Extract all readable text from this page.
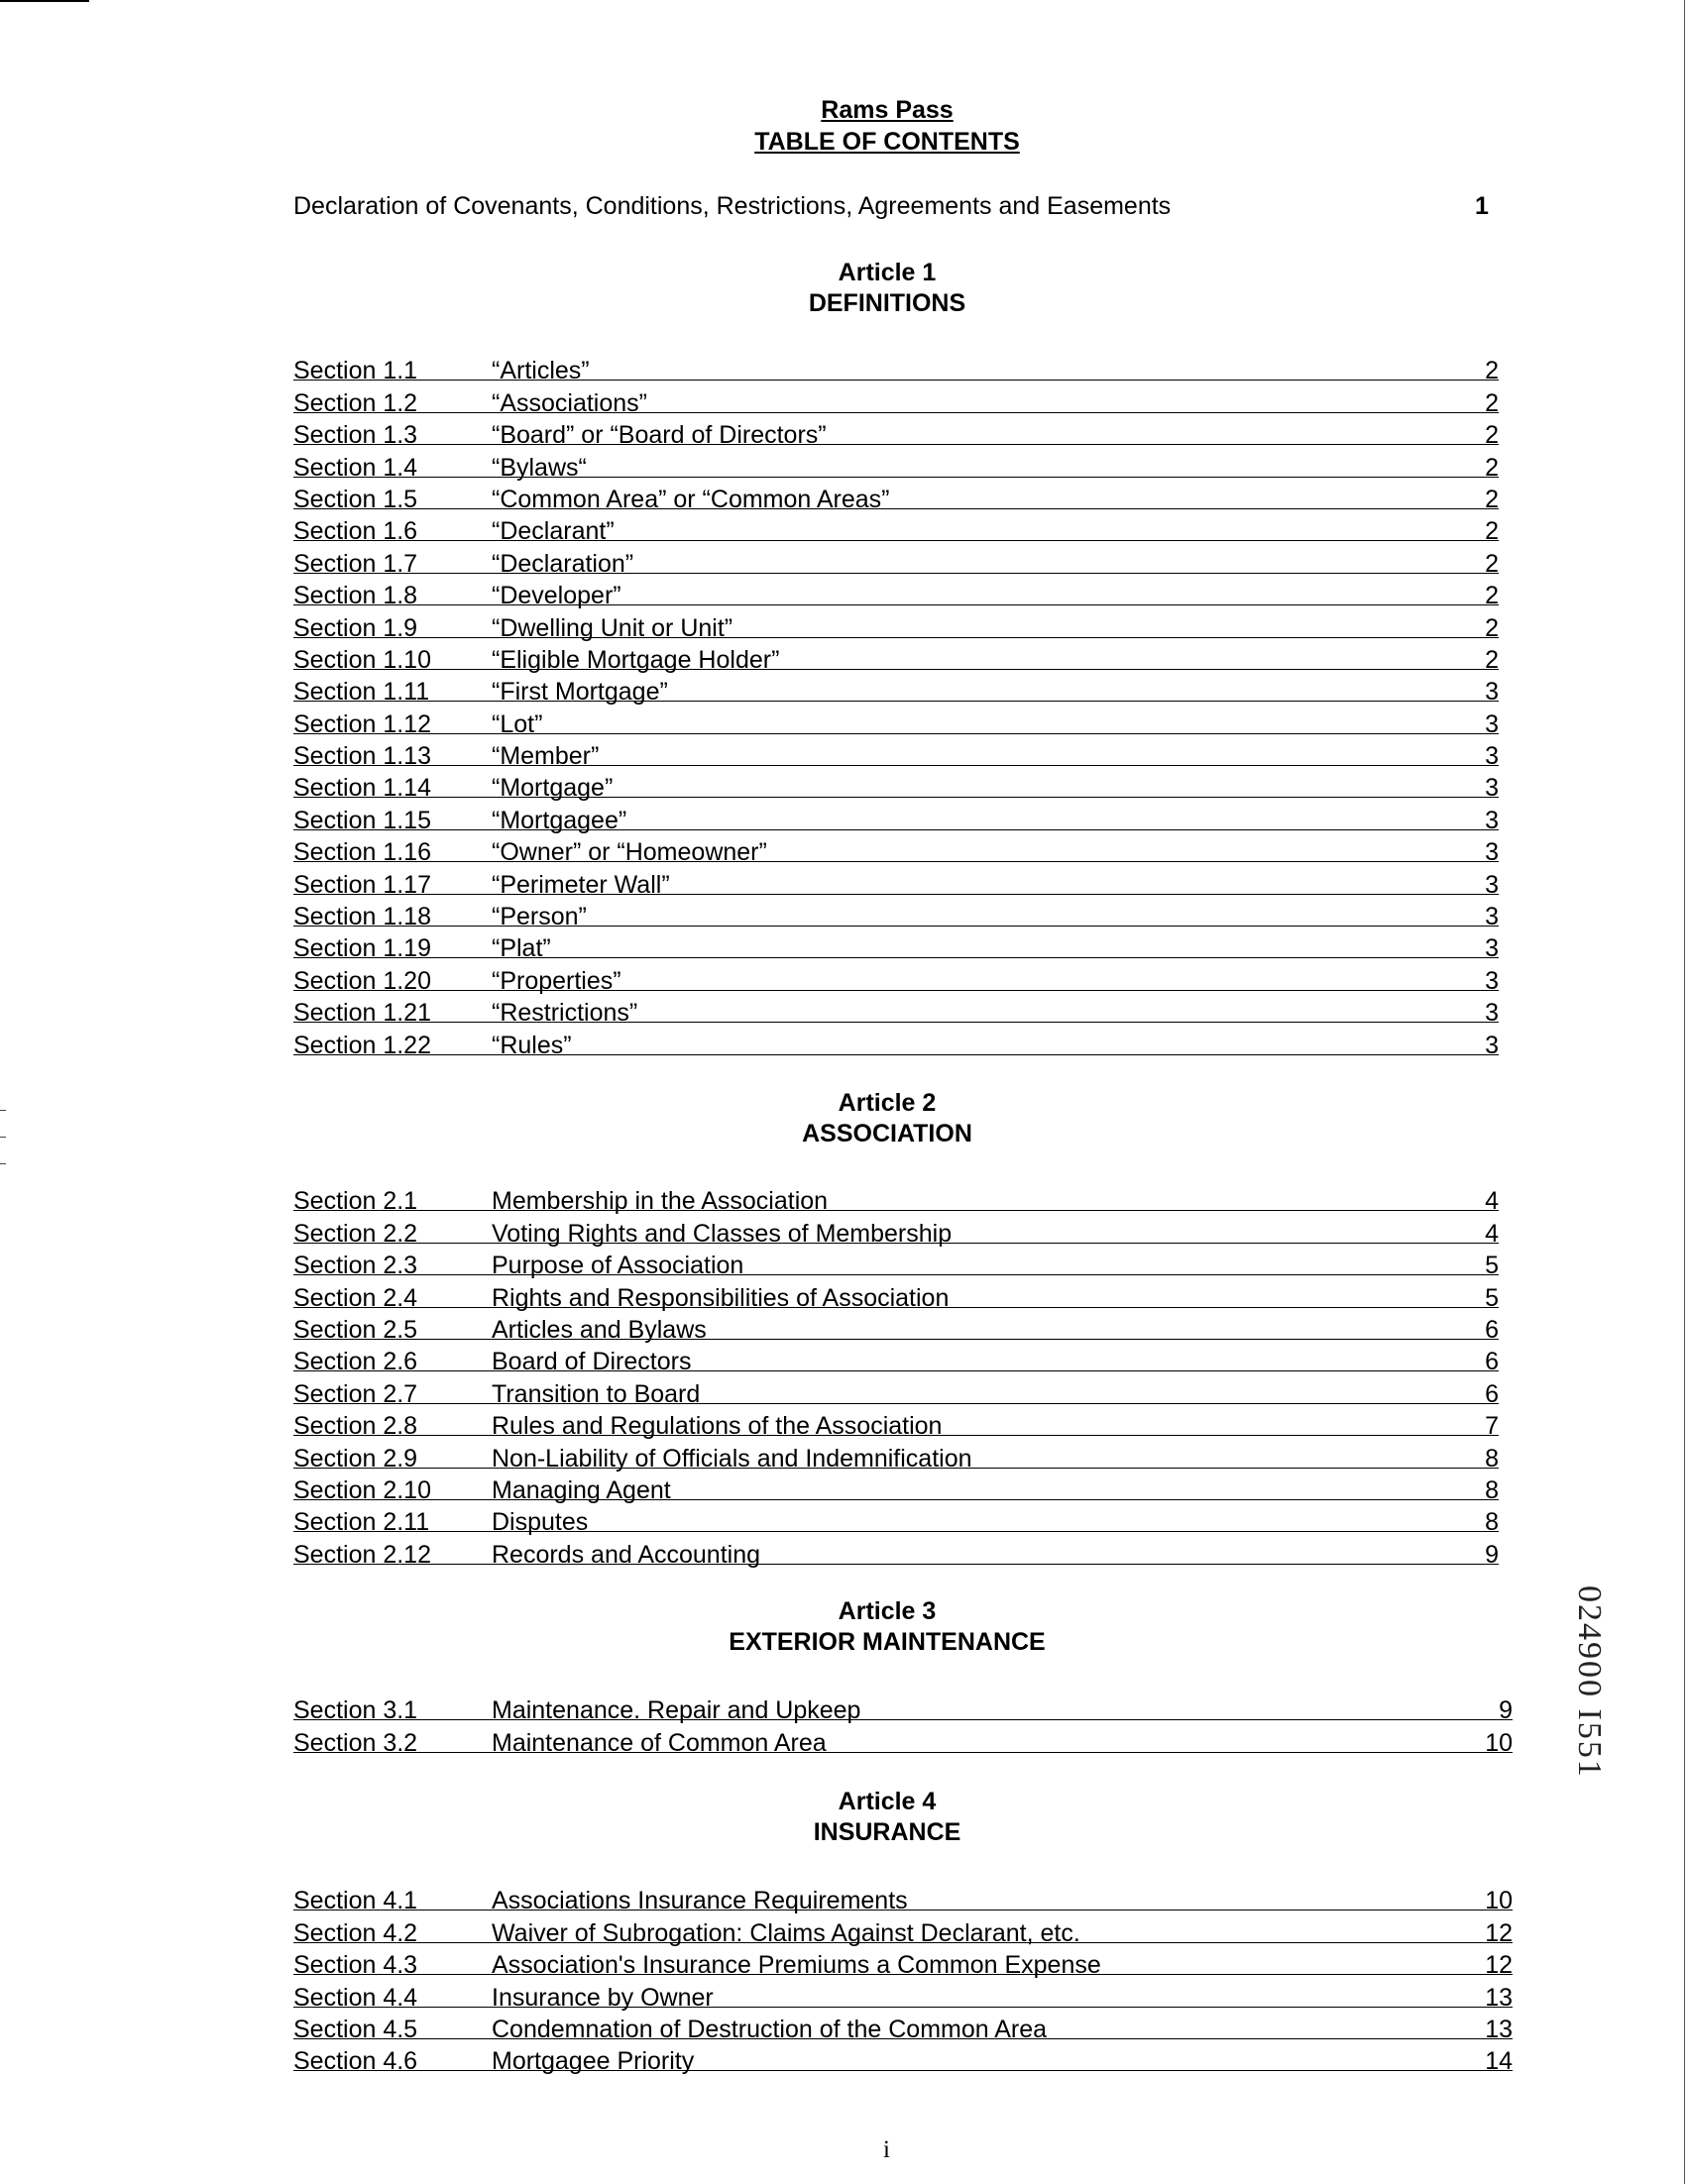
Rams Pass
TABLE OF CONTENTS
Declaration of Covenants, Conditions, Restrictions, Agreements and Easements	1
Article 1
DEFINITIONS
Section 1.1	“Articles”	2
Section 1.2	“Associations”	2
Section 1.3	“Board” or “Board of Directors”	2
Section 1.4	“Bylaws“	2
Section 1.5	“Common Area” or “Common Areas”	2
Section 1.6	“Declarant”	2
Section 1.7	“Declaration”	2
Section 1.8	“Developer”	2
Section 1.9	“Dwelling Unit or Unit”	2
Section 1.10	“Eligible Mortgage Holder”	2
Section 1.11	“First Mortgage”	3
Section 1.12	“Lot”	3
Section 1.13	“Member”	3
Section 1.14	“Mortgage”	3
Section 1.15	“Mortgagee”	3
Section 1.16	“Owner” or “Homeowner”	3
Section 1.17	“Perimeter Wall”	3
Section 1.18	“Person”	3
Section 1.19	“Plat”	3
Section 1.20	“Properties”	3
Section 1.21	“Restrictions”	3
Section 1.22	“Rules”	3
Article 2
ASSOCIATION
Section 2.1	Membership in the Association	4
Section 2.2	Voting Rights and Classes of Membership	4
Section 2.3	Purpose of Association	5
Section 2.4	Rights and Responsibilities of Association	5
Section 2.5	Articles and Bylaws	6
Section 2.6	Board of Directors	6
Section 2.7	Transition to Board	6
Section 2.8	Rules and Regulations of the Association	7
Section 2.9	Non-Liability of Officials and Indemnification	8
Section 2.10	Managing Agent	8
Section 2.11	Disputes	8
Section 2.12	Records and Accounting	9
Article 3
EXTERIOR MAINTENANCE
Section 3.1	Maintenance. Repair and Upkeep	9
Section 3.2	Maintenance of Common Area	10
Article 4
INSURANCE
Section 4.1	Associations Insurance Requirements	10
Section 4.2	Waiver of Subrogation: Claims Against Declarant, etc.	12
Section 4.3	Association's Insurance Premiums a Common Expense	12
Section 4.4	Insurance by Owner	13
Section 4.5	Condemnation of Destruction of the Common Area	13
Section 4.6	Mortgagee Priority	14
i
024900 I551
